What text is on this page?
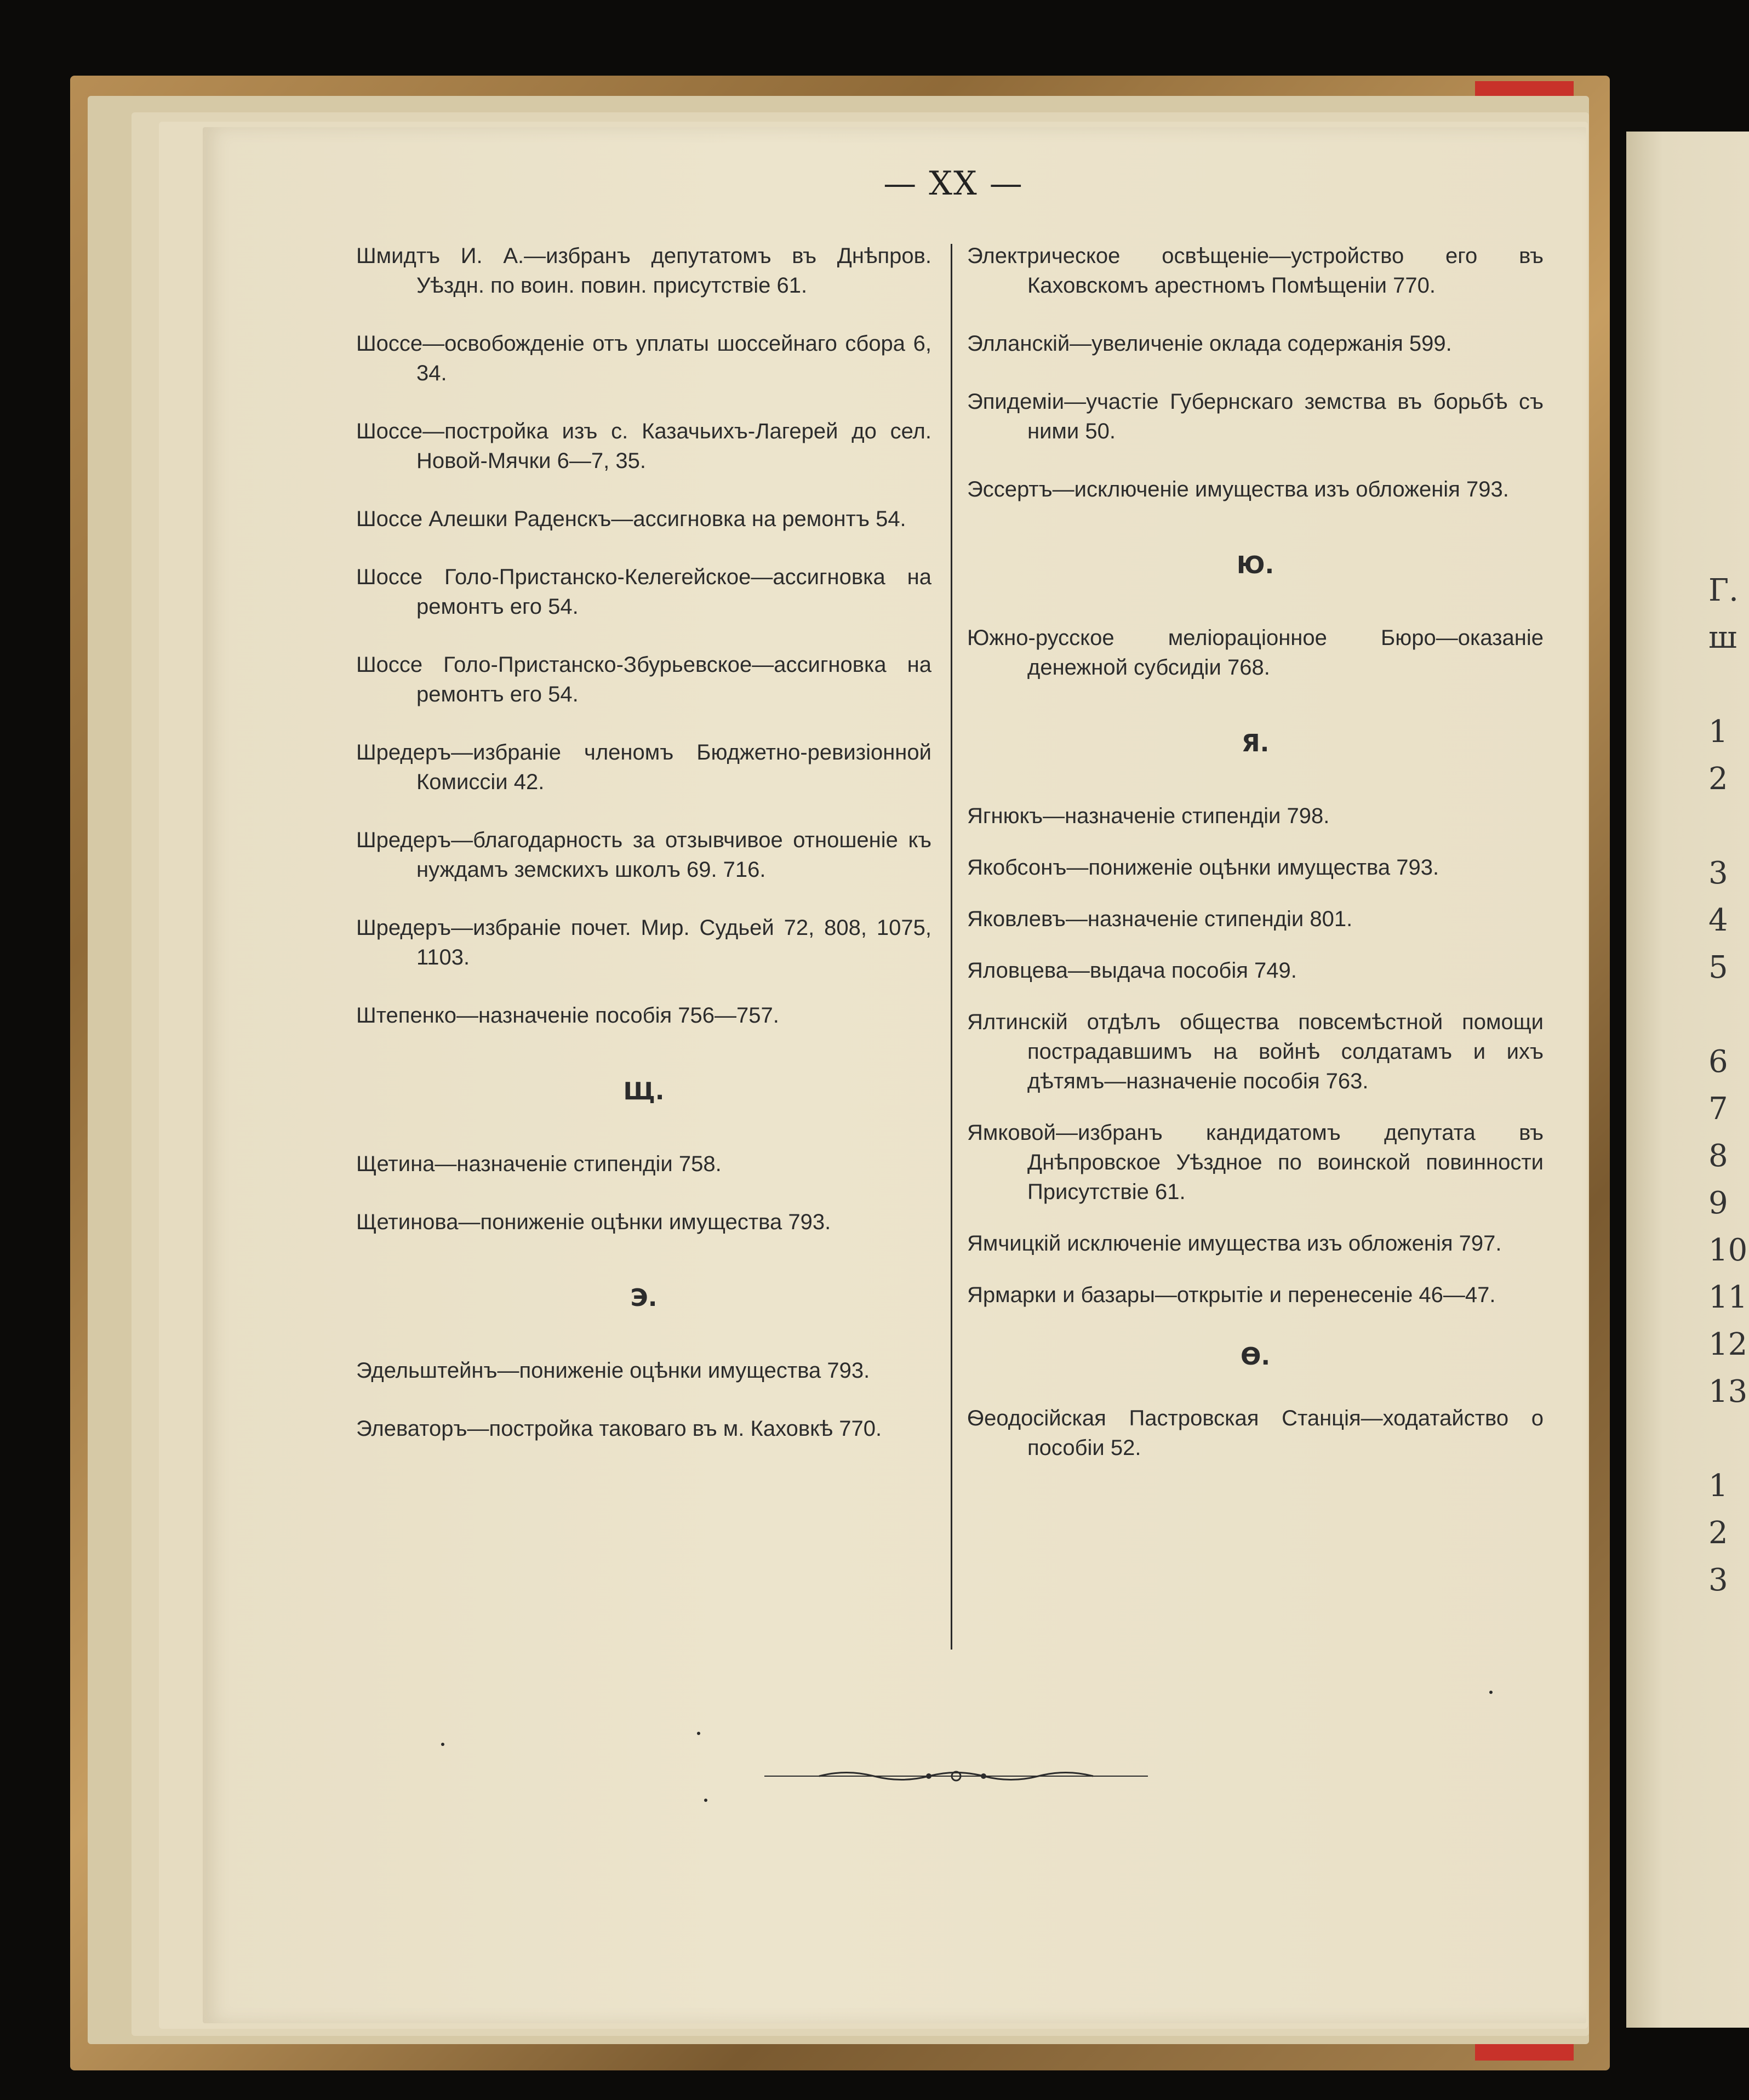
Г.
ш
1
2
3
4
5
6
7
8
9
10
11
12
13
1
2
3
— XX —

Шмидтъ И. А.—избранъ депутатомъ въ Днѣпров. Уѣздн. по воин. повин. присутствіе 61.

Шоссе—освобожденіе отъ уплаты шоссейнаго сбора 6, 34.

Шоссе—постройка изъ с. Казачьихъ-Лагерей до сел. Новой-Мячки 6—7, 35.

Шоссе Алешки Раденскъ—ассигновка на ремонтъ 54.

Шоссе Голо-Пристанско-Келегейское—ассигновка на ремонтъ его 54.

Шоссе Голо-Пристанско-Збурьевское—ассигновка на ремонтъ его 54.

Шредеръ—избраніе членомъ Бюджетно-ревизіонной Комиссіи 42.

Шредеръ—благодарность за отзывчивое отношеніе къ нуждамъ земскихъ школъ 69. 716.

Шредеръ—избраніе почет. Мир. Судьей 72, 808, 1075, 1103.

Штепенко—назначеніе пособія 756—757.

Щ.

Щетина—назначеніе стипендіи 758.

Щетинова—пониженіе оцѣнки имущества 793.

Э.

Эдельштейнъ—пониженіе оцѣнки имущества 793.

Элеваторъ—постройка таковаго въ м. Каховкѣ 770.

Электрическое освѣщеніе—устройство его въ Каховскомъ арестномъ Помѣщеніи 770.

Элланскій—увеличеніе оклада содержанія 599.

Эпидеміи—участіе Губернскаго земства въ борьбѣ съ ними 50.

Эссертъ—исключеніе имущества изъ обложенія 793.

Ю.

Южно-русское меліораціонное Бюро—оказаніе денежной субсидіи 768.

Я.

Ягнюкъ—назначеніе стипендіи 798.

Якобсонъ—пониженіе оцѣнки имущества 793.

Яковлевъ—назначеніе стипендіи 801.

Яловцева—выдача пособія 749.

Ялтинскій отдѣлъ общества повсемѣстной помощи пострадавшимъ на войнѣ солдатамъ и ихъ дѣтямъ—назначеніе пособія 763.

Ямковой—избранъ кандидатомъ депутата въ Днѣпровское Уѣздное по воинской повинности Присутствіе 61.

Ямчицкій исключеніе имущества изъ обложенія 797.

Ярмарки и базары—открытіе и перенесеніе 46—47.

Ѳ.

Ѳеодосійская Пастровская Станція—ходатайство о пособіи 52.
